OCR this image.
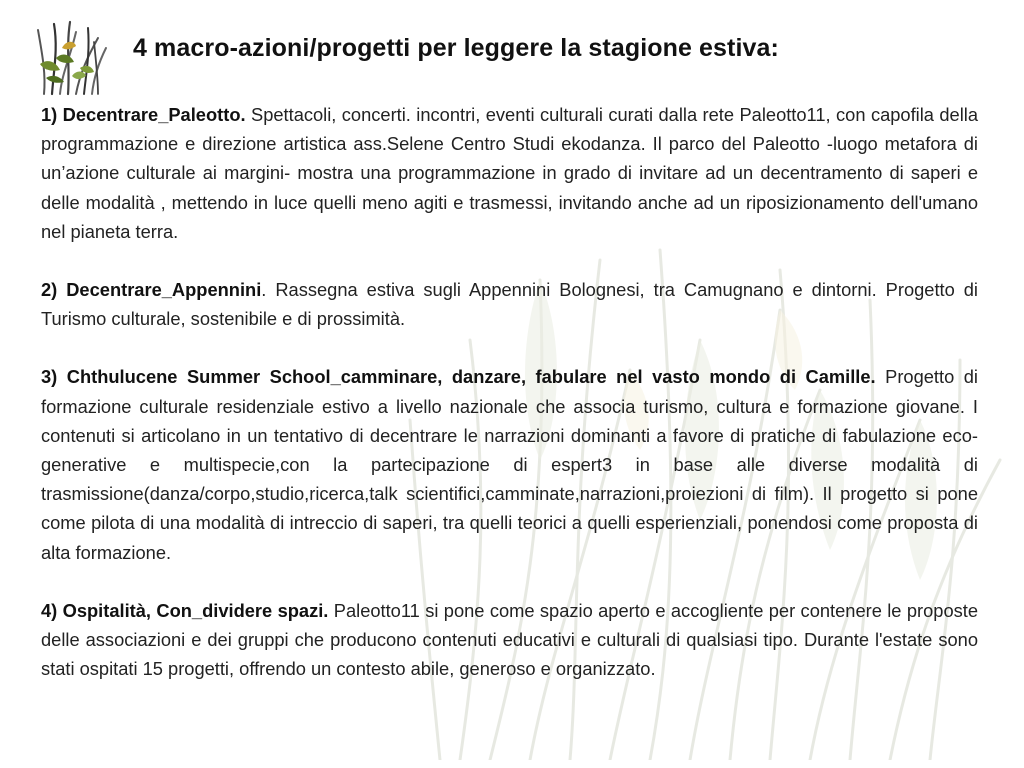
4 macro-azioni/progetti per leggere la stagione estiva:

1) Decentrare_Paleotto. Spettacoli, concerti. incontri, eventi culturali curati dalla rete Paleotto11, con capofila della programmazione e direzione artistica ass.Selene Centro Studi ekodanza. Il parco del Paleotto -luogo metafora di un’azione culturale ai margini- mostra una programmazione in grado di invitare ad un decentramento di saperi e delle modalità , mettendo in luce quelli meno agiti e trasmessi, invitando anche ad un riposizionamento dell'umano nel pianeta terra.

2) Decentrare_Appennini. Rassegna estiva sugli Appennini Bolognesi, tra Camugnano e dintorni. Progetto di Turismo culturale, sostenibile e di prossimità.

3) Chthulucene Summer School_camminare, danzare, fabulare nel vasto mondo di Camille. Progetto di formazione culturale residenziale estivo a livello nazionale che associa turismo, cultura e formazione giovane. I contenuti si articolano in un tentativo di decentrare le narrazioni dominanti a favore di pratiche di fabulazione eco-generative e multispecie,con la partecipazione di espert3 in base alle diverse modalità di trasmissione(danza/corpo,studio,ricerca,talk scientifici,camminate,narrazioni,proiezioni di film). Il progetto si pone come pilota di una modalità di intreccio di saperi, tra quelli teorici a quelli esperienziali, ponendosi come proposta di alta formazione.

4) Ospitalità, Con_dividere spazi. Paleotto11 si pone come spazio aperto e accogliente per contenere le proposte delle associazioni e dei gruppi che producono contenuti educativi e culturali di qualsiasi tipo. Durante l'estate sono stati ospitati 15 progetti, offrendo un contesto abile, generoso e organizzato.
